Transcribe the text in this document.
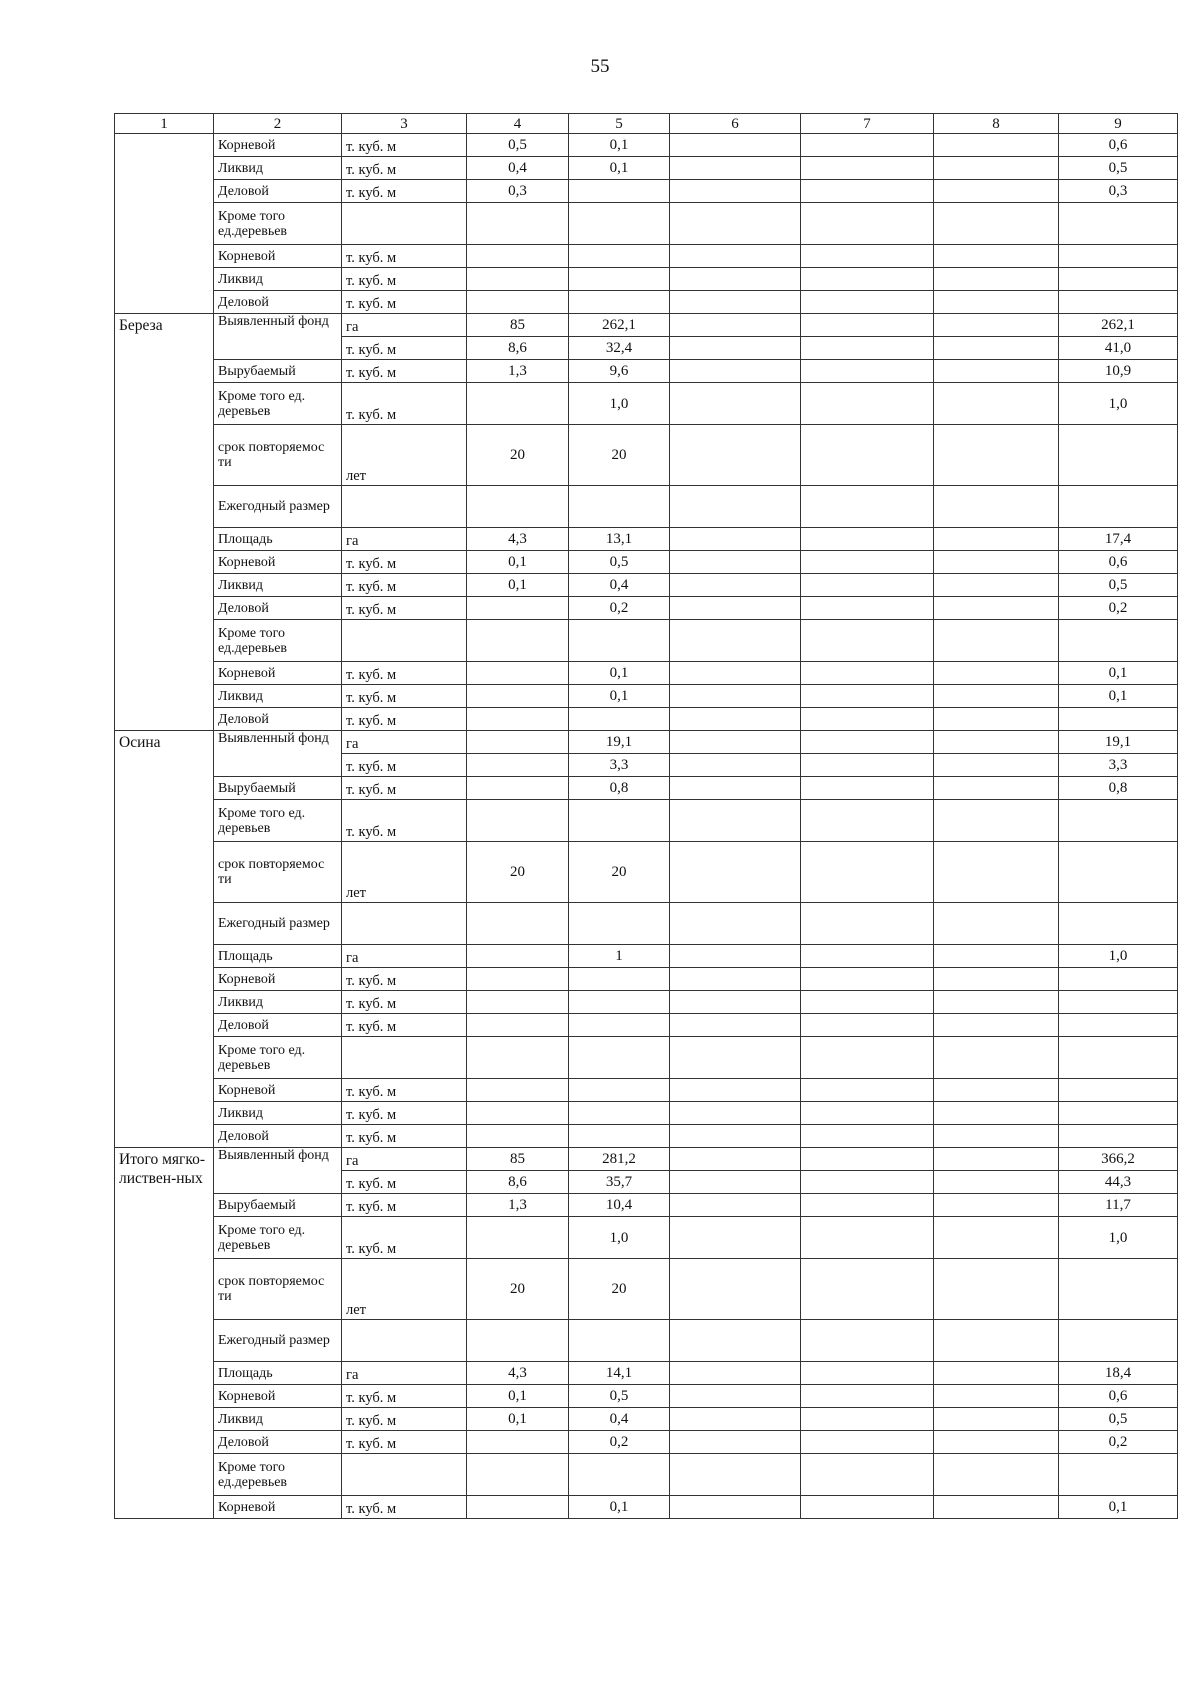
55
1	2	3	4	5	6	7	8	9
	Корневой	т. куб. м	0,5	0,1				0,6
	Ликвид	т. куб. м	0,4	0,1				0,5
	Деловой	т. куб. м	0,3					0,3
	Кроме того ед.деревьев							
	Корневой	т. куб. м						
	Ликвид	т. куб. м						
	Деловой	т. куб. м						
Береза	Выявленный фонд	га	85	262,1				262,1
		т. куб. м	8,6	32,4				41,0
	Вырубаемый	т. куб. м	1,3	9,6				10,9
	Кроме того ед. деревьев	т. куб. м		1,0				1,0
	срок повторяемос ти	лет	20	20				
	Ежегодный размер							
	Площадь	га	4,3	13,1				17,4
	Корневой	т. куб. м	0,1	0,5				0,6
	Ликвид	т. куб. м	0,1	0,4				0,5
	Деловой	т. куб. м		0,2				0,2
	Кроме того ед.деревьев							
	Корневой	т. куб. м		0,1				0,1
	Ликвид	т. куб. м		0,1				0,1
	Деловой	т. куб. м						
Осина	Выявленный фонд	га		19,1				19,1
		т. куб. м		3,3				3,3
	Вырубаемый	т. куб. м		0,8				0,8
	Кроме того ед. деревьев	т. куб. м						
	срок повторяемос ти	лет	20	20				
	Ежегодный размер							
	Площадь	га		1				1,0
	Корневой	т. куб. м						
	Ликвид	т. куб. м						
	Деловой	т. куб. м						
	Кроме того ед. деревьев							
	Корневой	т. куб. м						
	Ликвид	т. куб. м						
	Деловой	т. куб. м						
Итого мягко-листвен-ных	Выявленный фонд	га	85	281,2				366,2
		т. куб. м	8,6	35,7				44,3
	Вырубаемый	т. куб. м	1,3	10,4				11,7
	Кроме того ед. деревьев	т. куб. м		1,0				1,0
	срок повторяемос ти	лет	20	20				
	Ежегодный размер							
	Площадь	га	4,3	14,1				18,4
	Корневой	т. куб. м	0,1	0,5				0,6
	Ликвид	т. куб. м	0,1	0,4				0,5
	Деловой	т. куб. м		0,2				0,2
	Кроме того ед.деревьев							
	Корневой	т. куб. м		0,1				0,1
